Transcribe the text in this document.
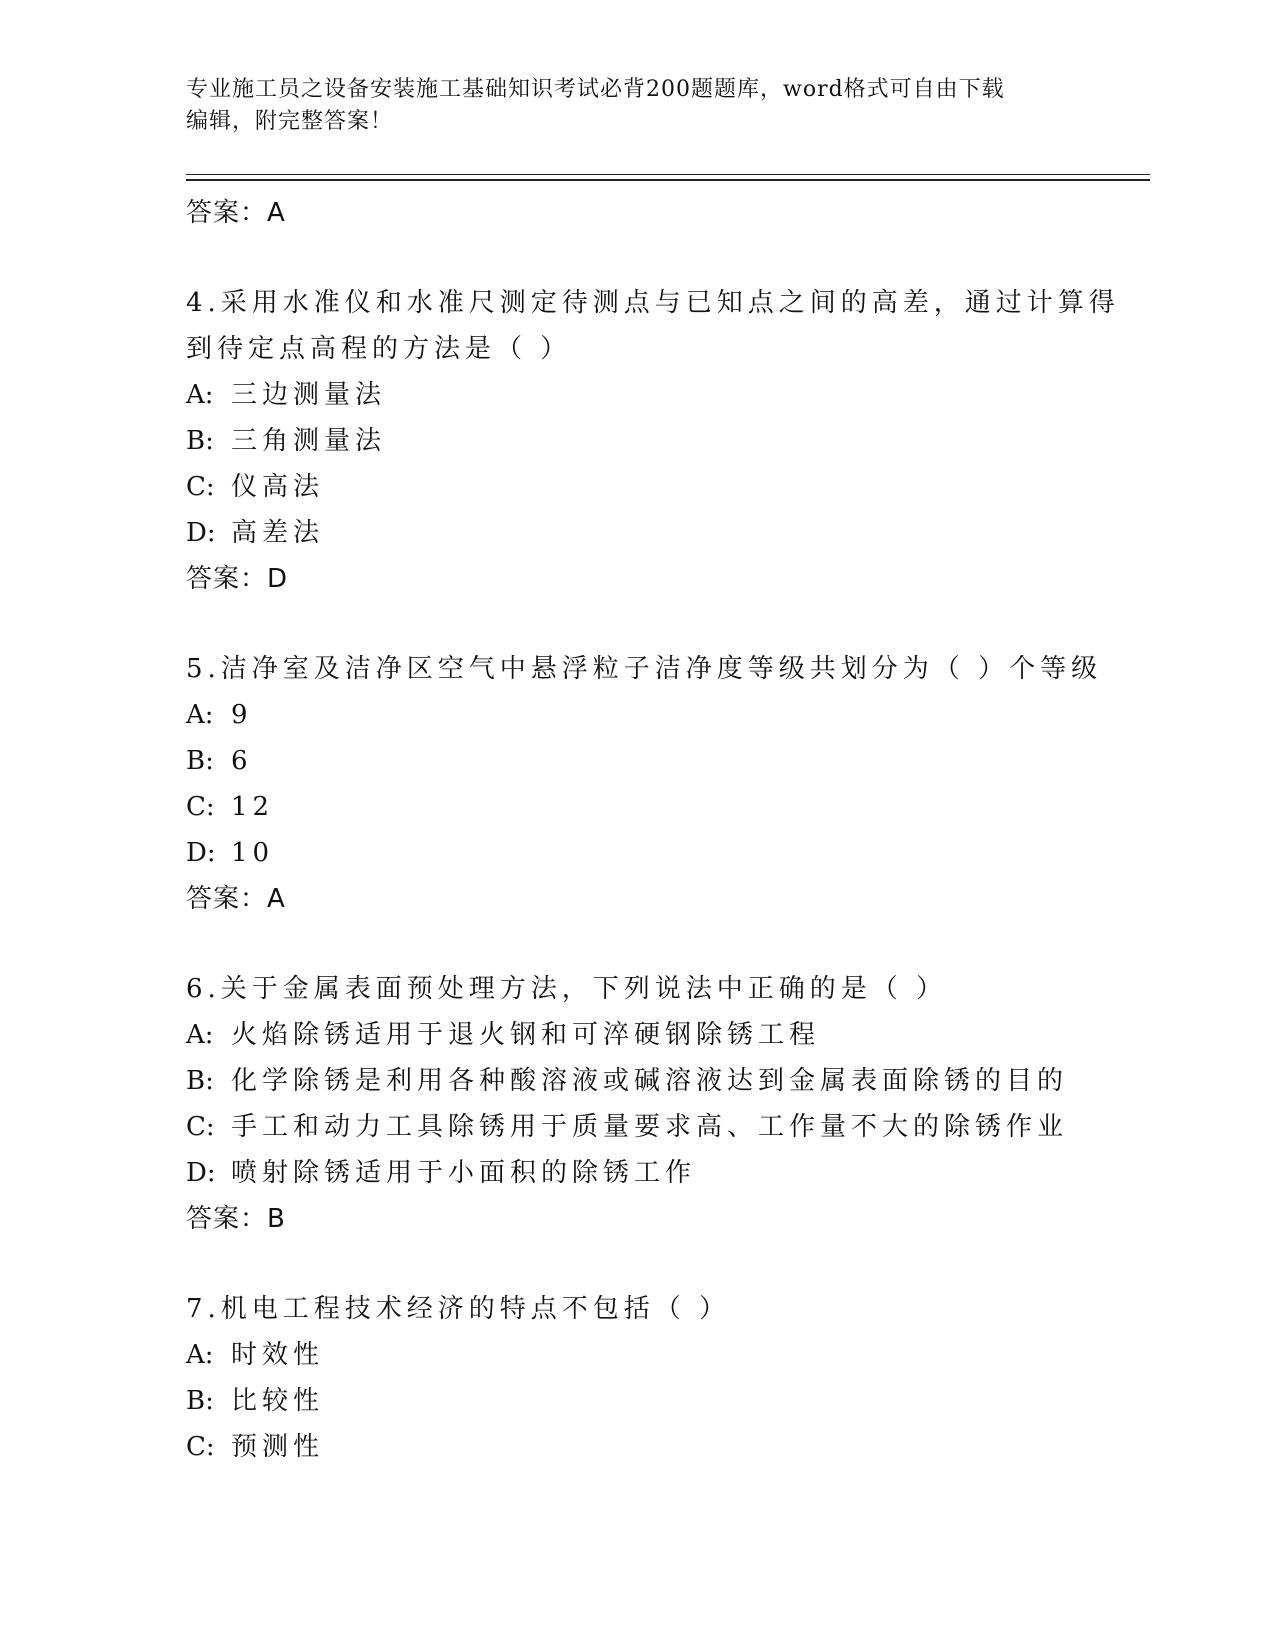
专业施工员之设备安装施工基础知识考试必背200题题库，word格式可自由下载
编辑，附完整答案！
答案：A
4.采用水准仪和水准尺测定待测点与已知点之间的高差，通过计算得
到待定点高程的方法是（ ）
A: 三边测量法
B: 三角测量法
C: 仪高法
D: 高差法
答案：D
5.洁净室及洁净区空气中悬浮粒子洁净度等级共划分为（ ）个等级
A: 9
B: 6
C: 12
D: 10
答案：A
6.关于金属表面预处理方法，下列说法中正确的是（ ）
A: 火焰除锈适用于退火钢和可淬硬钢除锈工程
B: 化学除锈是利用各种酸溶液或碱溶液达到金属表面除锈的目的
C: 手工和动力工具除锈用于质量要求高、工作量不大的除锈作业
D: 喷射除锈适用于小面积的除锈工作
答案：B
7.机电工程技术经济的特点不包括（ ）
A: 时效性
B: 比较性
C: 预测性
